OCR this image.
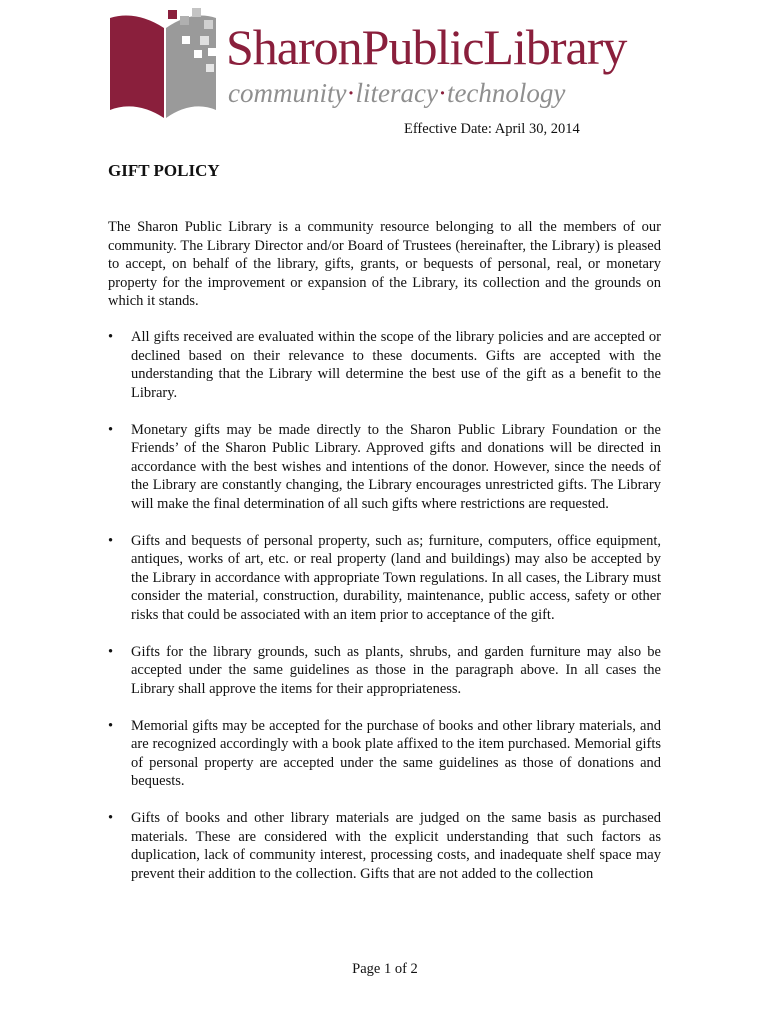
SharonPublicLibrary
community·literacy·technology
Effective Date: April 30, 2014
GIFT POLICY

The Sharon Public Library is a community resource belonging to all the members of our community. The Library Director and/or Board of Trustees (hereinafter, the Library) is pleased to accept, on behalf of the library, gifts, grants, or bequests of personal, real, or monetary property for the improvement or expansion of the Library, its collection and the grounds on which it stands.

• All gifts received are evaluated within the scope of the library policies and are accepted or declined based on their relevance to these documents. Gifts are accepted with the understanding that the Library will determine the best use of the gift as a benefit to the Library.
• Monetary gifts may be made directly to the Sharon Public Library Foundation or the Friends’ of the Sharon Public Library. Approved gifts and donations will be directed in accordance with the best wishes and intentions of the donor. However, since the needs of the Library are constantly changing, the Library encourages unrestricted gifts. The Library will make the final determination of all such gifts where restrictions are requested.
• Gifts and bequests of personal property, such as; furniture, computers, office equipment, antiques, works of art, etc. or real property (land and buildings) may also be accepted by the Library in accordance with appropriate Town regulations. In all cases, the Library must consider the material, construction, durability, maintenance, public access, safety or other risks that could be associated with an item prior to acceptance of the gift.
• Gifts for the library grounds, such as plants, shrubs, and garden furniture may also be accepted under the same guidelines as those in the paragraph above. In all cases the Library shall approve the items for their appropriateness.
• Memorial gifts may be accepted for the purchase of books and other library materials, and are recognized accordingly with a book plate affixed to the item purchased. Memorial gifts of personal property are accepted under the same guidelines as those of donations and bequests.
• Gifts of books and other library materials are judged on the same basis as purchased materials. These are considered with the explicit understanding that such factors as duplication, lack of community interest, processing costs, and inadequate shelf space may prevent their addition to the collection. Gifts that are not added to the collection
Page 1 of 2
